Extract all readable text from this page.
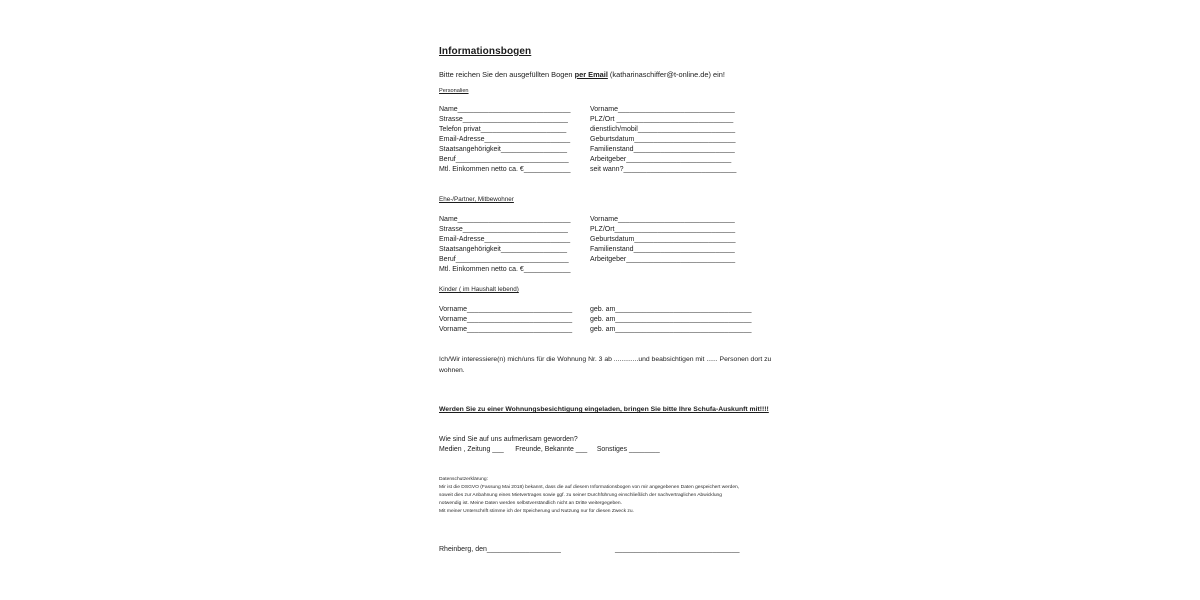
Informationsbogen
Bitte reichen Sie den ausgefüllten Bogen per Email (katharinaschiffer@t-online.de) ein!
Personalien
Name_____________________________	Vorname______________________________
Strasse___________________________	PLZ/Ort ______________________________
Telefon privat______________________	dienstlich/mobil_________________________
Email-Adresse______________________	Geburtsdatum__________________________
Staatsangehörigkeit_________________	Familienstand__________________________
Beruf_____________________________	Arbeitgeber___________________________
Mtl. Einkommen netto ca. €____________	seit wann?_____________________________
Ehe-/Partner, Mitbewohner
Name_____________________________	Vorname______________________________
Strasse___________________________	PLZ/Ort_______________________________
Email-Adresse______________________	Geburtsdatum__________________________
Staatsangehörigkeit_________________	Familienstand__________________________
Beruf_____________________________	Arbeitgeber____________________________
Mtl. Einkommen netto ca. €____________
Kinder ( im Haushalt lebend)
Vorname___________________________	geb. am___________________________________
Vorname___________________________	geb. am___________________________________
Vorname___________________________	geb. am___________________________________
Ich/Wir interessiere(n) mich/uns für die Wohnung Nr. 3 ab .............und beabsichtigen mit ...... Personen dort zu
wohnen.
Werden Sie zu einer Wohnungsbesichtigung eingeladen, bringen Sie bitte Ihre Schufa-Auskunft mit!!!!
Wie sind Sie auf uns aufmerksam geworden?
Medien , Zeitung ___      Freunde, Bekannte ___     Sonstiges ________
Datenschutzerklärung:
Mir ist die DSGVO (Fassung Mai 2018) bekannt, dass die auf diesem Informationsbogen von mir angegebenen Daten gespeichert werden,
soweit dies zur Anbahnung eines Mietvertrages sowie ggf. zu seiner Durchführung einschließlich der nachvertraglichen Abwicklung
notwendig ist. Meine Daten werden selbstverständlich nicht an Dritte weitergegeben.
Mit meiner Unterschrift stimme ich der Speicherung und Nutzung nur für diesen Zweck zu.
Rheinberg, den___________________	________________________________
